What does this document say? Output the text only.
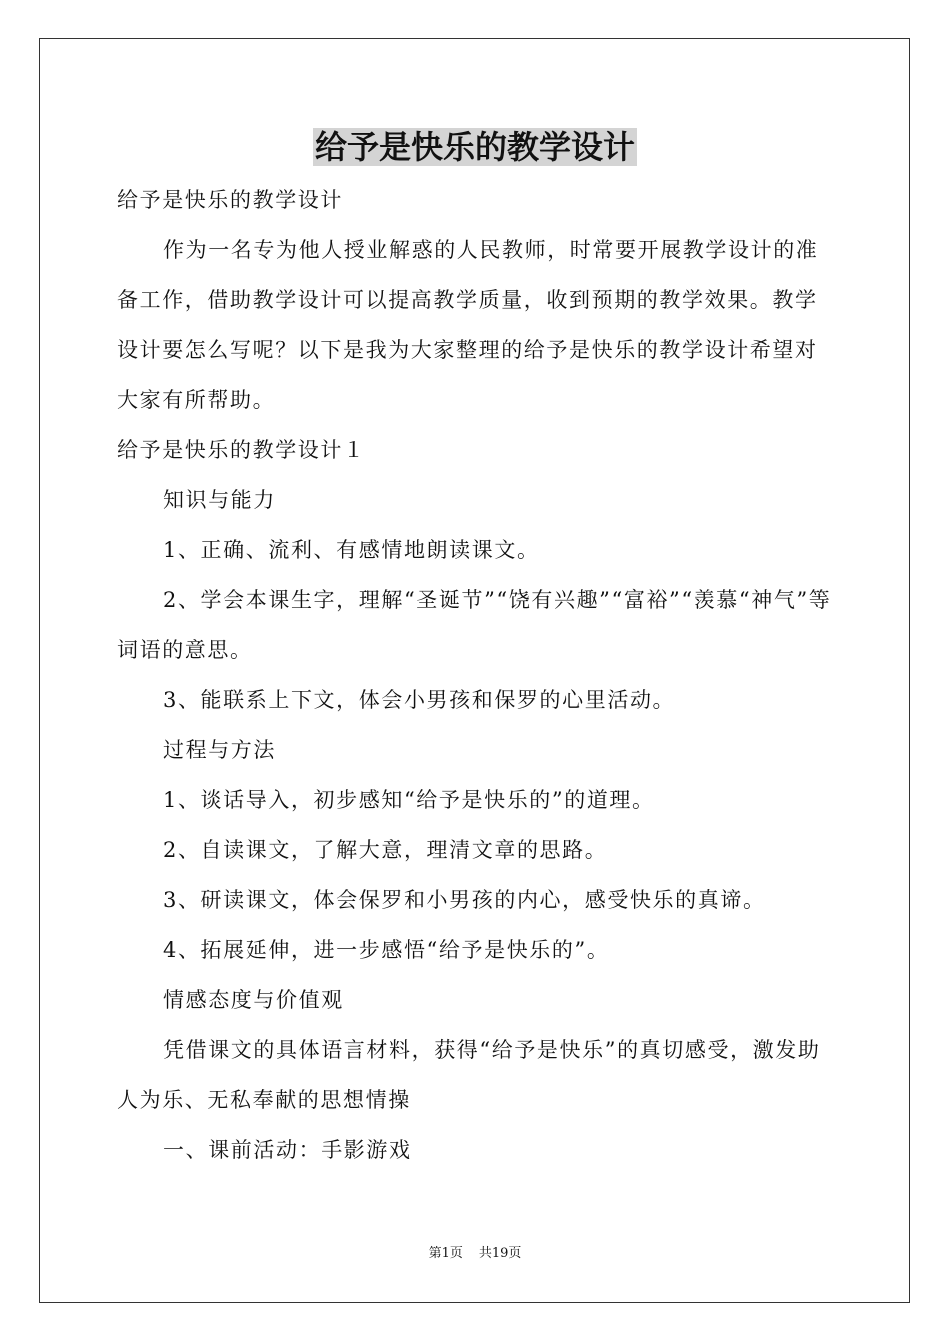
给予是快乐的教学设计

给予是快乐的教学设计

作为一名专为他人授业解惑的人民教师，时常要开展教学设计的准备工作，借助教学设计可以提高教学质量，收到预期的教学效果。教学设计要怎么写呢？以下是我为大家整理的给予是快乐的教学设计希望对大家有所帮助。

给予是快乐的教学设计１

知识与能力

1、正确、流利、有感情地朗读课文。

2、学会本课生字，理解“圣诞节”“饶有兴趣”“富裕”“羡慕“神气”等词语的意思。

3、能联系上下文，体会小男孩和保罗的心里活动。

过程与方法

1、谈话导入，初步感知“给予是快乐的”的道理。

2、自读课文，了解大意，理清文章的思路。

3、研读课文，体会保罗和小男孩的内心，感受快乐的真谛。

4、拓展延伸，进一步感悟“给予是快乐的”。

情感态度与价值观

凭借课文的具体语言材料，获得“给予是快乐”的真切感受，激发助人为乐、无私奉献的思想情操

一、课前活动：手影游戏

第1页 共19页
